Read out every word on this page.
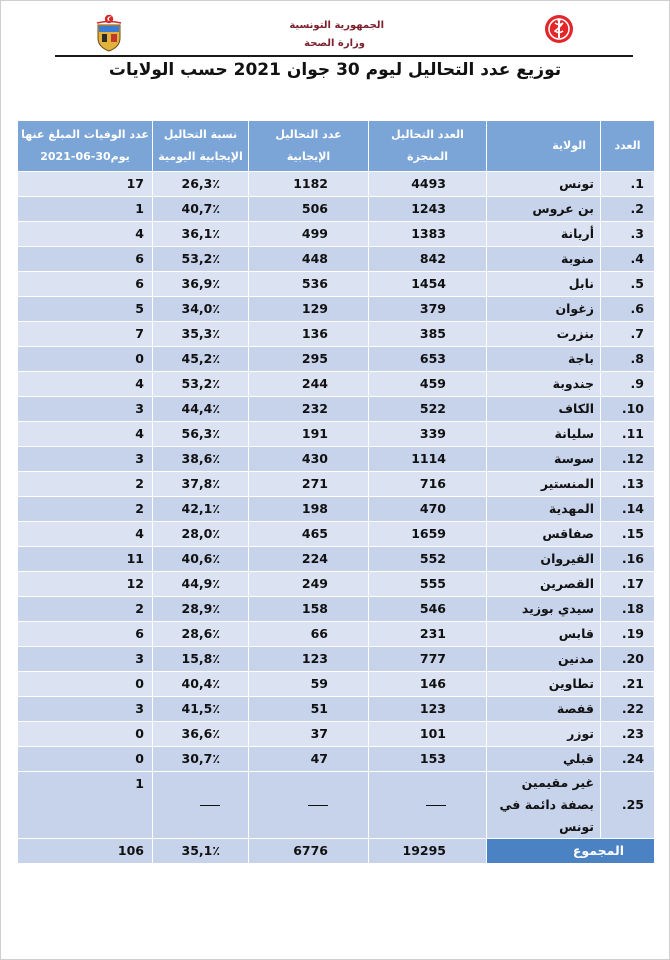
الجمهورية التونسية
وزارة الصحة
توزيع عدد التحاليل ليوم 30 جوان 2021 حسب الولايات
العدد	الولاية	العدد التحاليل المنجزة	عدد التحاليل الإيجابية	نسبة التحاليل الإيجابية اليومية	عدد الوفيات المبلغ عنها يوم30-06-2021
.1	تونس	4493	1182	26,3٪	17
.2	بن عروس	1243	506	40,7٪	1
.3	أريانة	1383	499	36,1٪	4
.4	منوبة	842	448	53,2٪	6
.5	نابل	1454	536	36,9٪	6
.6	زغوان	379	129	34,0٪	5
.7	بنزرت	385	136	35,3٪	7
.8	باجة	653	295	45,2٪	0
.9	جندوبة	459	244	53,2٪	4
.10	الكاف	522	232	44,4٪	3
.11	سليانة	339	191	56,3٪	4
.12	سوسة	1114	430	38,6٪	3
.13	المنستير	716	271	37,8٪	2
.14	المهدية	470	198	42,1٪	2
.15	صفاقس	1659	465	28,0٪	4
.16	القيروان	552	224	40,6٪	11
.17	القصرين	555	249	44,9٪	12
.18	سيدي بوزيد	546	158	28,9٪	2
.19	قابس	231	66	28,6٪	6
.20	مدنين	777	123	15,8٪	3
.21	تطاوين	146	59	40,4٪	0
.22	قفصة	123	51	41,5٪	3
.23	توزر	101	37	36,6٪	0
.24	قبلي	153	47	30,7٪	0
.25	غير مقيمين بصفة دائمة في تونس				1
المجموع		19295	6776	35,1٪	106
